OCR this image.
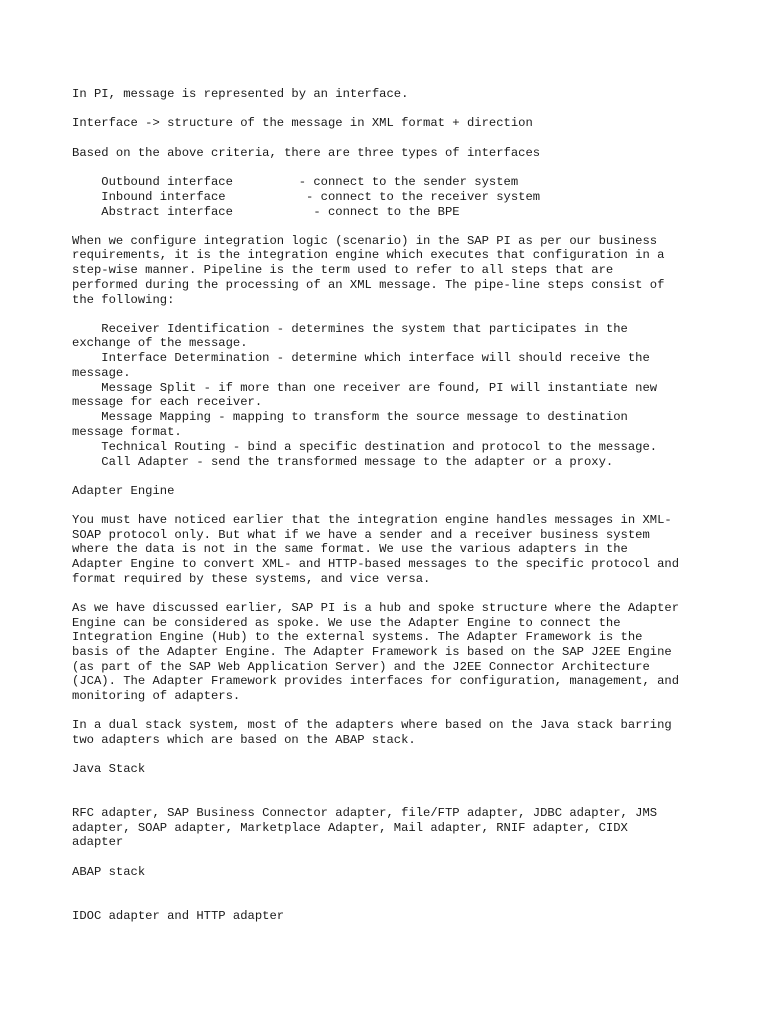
In PI, message is represented by an interface.

Interface -> structure of the message in XML format + direction

Based on the above criteria, there are three types of interfaces

Outbound interface         - connect to the sender system

Inbound interface           - connect to the receiver system

Abstract interface           - connect to the BPE

When we configure integration logic (scenario) in the SAP PI as per our business

requirements, it is the integration engine which executes that configuration in a

step-wise manner. Pipeline is the term used to refer to all steps that are

performed during the processing of an XML message. The pipe-line steps consist of

the following:

Receiver Identification - determines the system that participates in the

exchange of the message.

Interface Determination - determine which interface will should receive the

message.

Message Split - if more than one receiver are found, PI will instantiate new

message for each receiver.

Message Mapping - mapping to transform the source message to destination

message format.

Technical Routing - bind a specific destination and protocol to the message.

Call Adapter - send the transformed message to the adapter or a proxy.

Adapter Engine

You must have noticed earlier that the integration engine handles messages in XML-

SOAP protocol only. But what if we have a sender and a receiver business system

where the data is not in the same format. We use the various adapters in the

Adapter Engine to convert XML- and HTTP-based messages to the specific protocol and

format required by these systems, and vice versa.

As we have discussed earlier, SAP PI is a hub and spoke structure where the Adapter

Engine can be considered as spoke. We use the Adapter Engine to connect the

Integration Engine (Hub) to the external systems. The Adapter Framework is the

basis of the Adapter Engine. The Adapter Framework is based on the SAP J2EE Engine

(as part of the SAP Web Application Server) and the J2EE Connector Architecture

(JCA). The Adapter Framework provides interfaces for configuration, management, and

monitoring of adapters.

In a dual stack system, most of the adapters where based on the Java stack barring

two adapters which are based on the ABAP stack.

Java Stack

RFC adapter, SAP Business Connector adapter, file/FTP adapter, JDBC adapter, JMS

adapter, SOAP adapter, Marketplace Adapter, Mail adapter, RNIF adapter, CIDX

adapter

ABAP stack

IDOC adapter and HTTP adapter
